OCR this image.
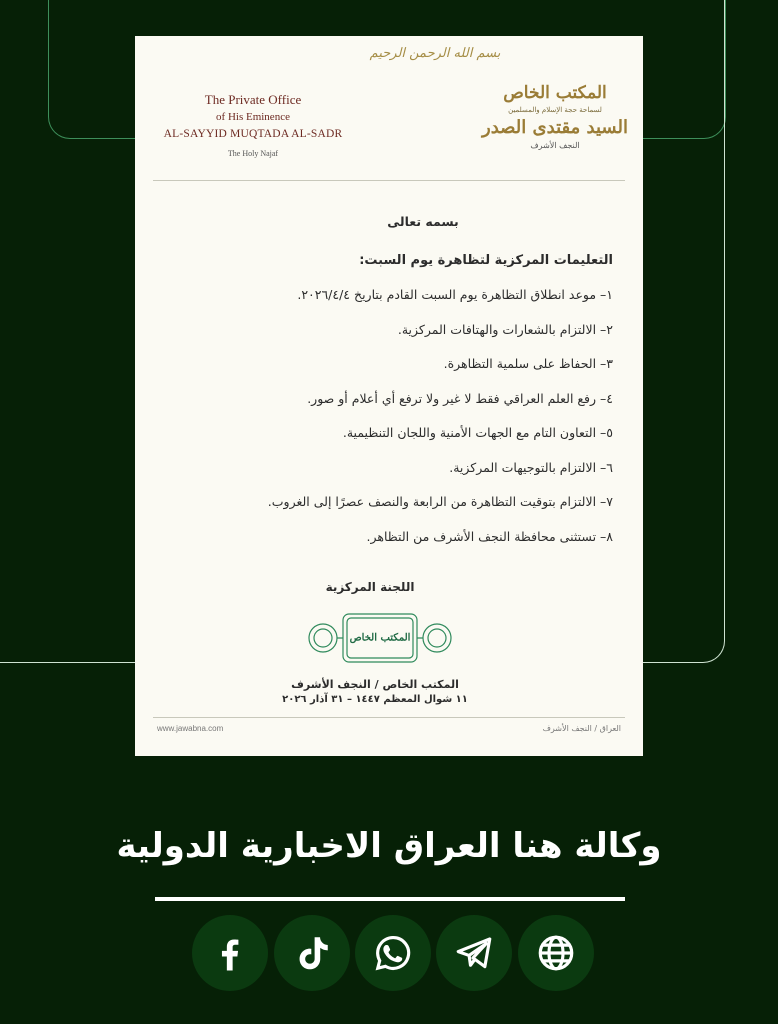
بسم الله الرحمن الرحيم
The Private Office
of His Eminence
AL-SAYYID MUQTADA AL-SADR
The Holy Najaf
المكتب الخاص
لسماحة حجة الإسلام والمسلمين
السيد مقتدى الصدر
النجف الأشرف
بسمه تعالى
التعليمات المركزية لتظاهرة يوم السبت:
١– موعد انطلاق التظاهرة يوم السبت القادم بتاريخ ٢٠٢٦/٤/٤.
٢– الالتزام بالشعارات والهتافات المركزية.
٣– الحفاظ على سلمية التظاهرة.
٤– رفع العلم العراقي فقط لا غير ولا ترفع أي أعلام أو صور.
٥– التعاون التام مع الجهات الأمنية واللجان التنظيمية.
٦– الالتزام بالتوجيهات المركزية.
٧– الالتزام بتوقيت التظاهرة من الرابعة والنصف عصرًا إلى الغروب.
٨– تستثنى محافظة النجف الأشرف من التظاهر.
اللجنة المركزية
المكتب الخاص
المكتب الخاص / النجف الأشرف
١١ شوال المعظم ١٤٤٧ – ٣١ آذار ٢٠٢٦
www.jawabna.com	العراق / النجف الأشرف
وكالة هنا العراق الاخبارية الدولية
